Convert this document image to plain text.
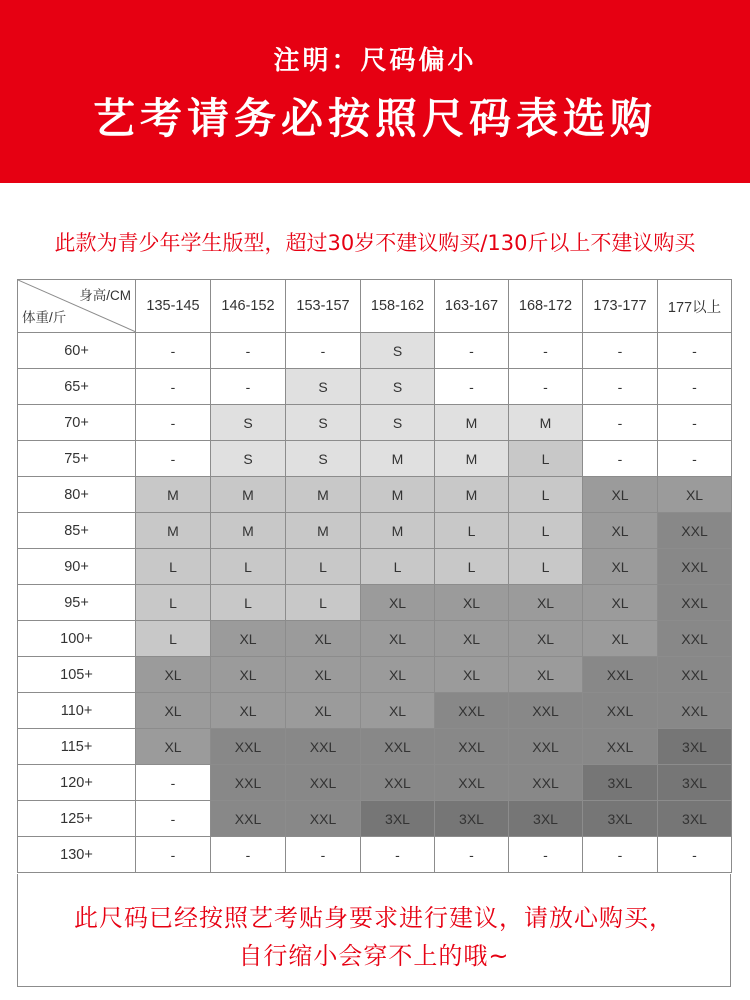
注明：尺码偏小
艺考请务必按照尺码表选购
此款为青少年学生版型，超过30岁不建议购买/130斤以上不建议购买
身高/CM
体重/斤	135-145	146-152	153-157	158-162	163-167	168-172	173-177	177以上
60+	-	-	-	S	-	-	-	-
65+	-	-	S	S	-	-	-	-
70+	-	S	S	S	M	M	-	-
75+	-	S	S	M	M	L	-	-
80+	M	M	M	M	M	L	XL	XL
85+	M	M	M	M	L	L	XL	XXL
90+	L	L	L	L	L	L	XL	XXL
95+	L	L	L	XL	XL	XL	XL	XXL
100+	L	XL	XL	XL	XL	XL	XL	XXL
105+	XL	XL	XL	XL	XL	XL	XXL	XXL
110+	XL	XL	XL	XL	XXL	XXL	XXL	XXL
115+	XL	XXL	XXL	XXL	XXL	XXL	XXL	3XL
120+	-	XXL	XXL	XXL	XXL	XXL	3XL	3XL
125+	-	XXL	XXL	3XL	3XL	3XL	3XL	3XL
130+	-	-	-	-	-	-	-	-
此尺码已经按照艺考贴身要求进行建议，请放心购买，
自行缩小会穿不上的哦~
